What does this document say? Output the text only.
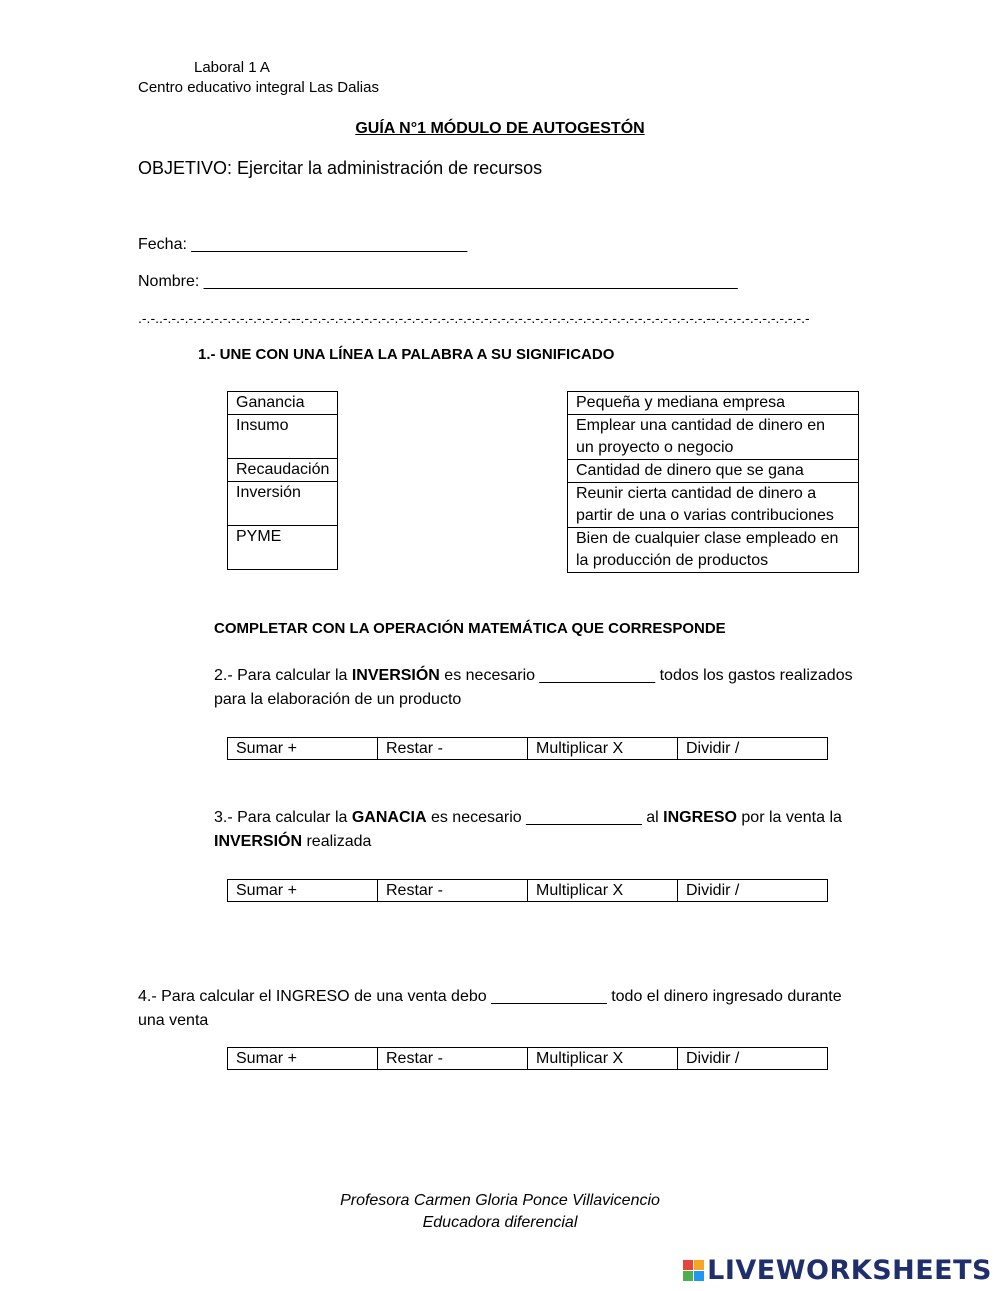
Laboral 1 A
Centro educativo integral Las Dalias
GUÍA N°1 MÓDULO DE AUTOGESTÓN
OBJETIVO: Ejercitar la administración de recursos
Fecha: _______________________________
Nombre: ____________________________________________________________
.-.-..-.-.-.-.-.-.-.-.-.-.-.-.-.-.-.--.-.-.-.-.-.-.-.-.-.-.-.-.-.-.-.-.-.-.-.-.-.-.-.-.-.-.-.-.-.-.-.-.-.-.-.-.-.-.-.-.-.-.-.-.-.-.-.--.-.-.-.-.-.-.-.-.-.-.-
1.- UNE CON UNA LÍNEA LA PALABRA A SU SIGNIFICADO
Ganancia
Insumo
Recaudación
Inversión
PYME
Pequeña y mediana empresa

Emplear una cantidad de dinero en
un proyecto o negocio

Cantidad de dinero que se gana

Reunir cierta cantidad de dinero a
partir de una o varias contribuciones

Bien de cualquier clase empleado en
la producción de productos
COMPLETAR CON LA OPERACIÓN MATEMÁTICA QUE CORRESPONDE
2.- Para calcular la INVERSIÓN es necesario _____________ todos los gastos realizados
para la elaboración de un producto
Sumar +	Restar -	Multiplicar X	Dividir /
3.- Para calcular la GANACIA es necesario _____________ al INGRESO por la venta la
INVERSIÓN realizada
Sumar +	Restar -	Multiplicar X	Dividir /
4.- Para calcular el INGRESO de una venta debo _____________ todo el dinero ingresado durante
una venta
Sumar +	Restar -	Multiplicar X	Dividir /
Profesora Carmen Gloria Ponce Villavicencio
Educadora diferencial
LIVEWORKSHEETS
